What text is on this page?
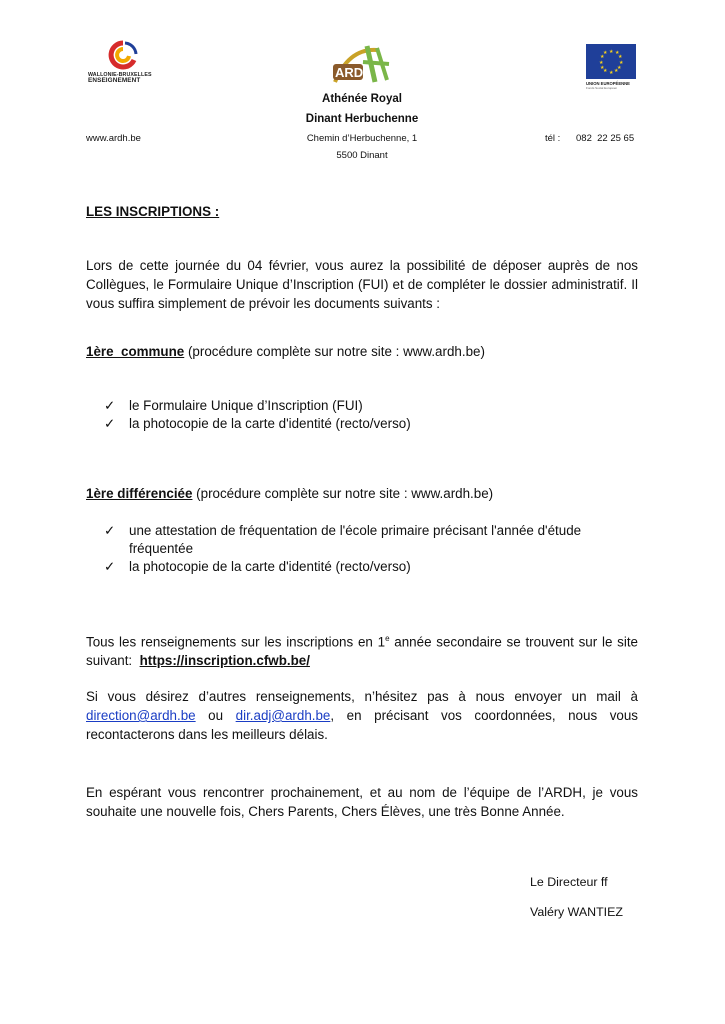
WALLONIE-BRUXELLES
ENSEIGNEMENT
ARD
★ ★
★
★
★
★
★
★
★
★
★
★
UNION EUROPÉENNE
Fonds Social Européen
Athénée Royal
Dinant Herbuchenne
www.ardh.be	Chemin d’Herbuchenne, 1
5500 Dinant
tél : 082  22 25 65
LES INSCRIPTIONS :
Lors de cette journée du 04 février, vous aurez la possibilité de déposer auprès de nos Collègues, le Formulaire Unique d’Inscription (FUI) et de compléter le dossier administratif. Il vous suffira simplement de prévoir les documents suivants :
1ère  commune (procédure complète sur notre site : www.ardh.be)
✓ le Formulaire Unique d’Inscription (FUI)
✓ la photocopie de la carte d'identité (recto/verso)
1ère différenciée (procédure complète sur notre site : www.ardh.be)
✓ une attestation de fréquentation de l'école primaire précisant l'année d'étude fréquentée
✓ la photocopie de la carte d'identité (recto/verso)
Tous les renseignements sur les inscriptions en 1e année secondaire se trouvent sur le site suivant:  https://inscription.cfwb.be/
Si vous désirez d’autres renseignements, n’hésitez pas à nous envoyer un mail à direction@ardh.be ou dir.adj@ardh.be, en précisant vos coordonnées, nous vous recontacterons dans les meilleurs délais.
En espérant vous rencontrer prochainement, et au nom de l’équipe de l’ARDH, je vous souhaite une nouvelle fois, Chers Parents, Chers Élèves, une très Bonne Année.
Le Directeur ff
Valéry WANTIEZ
